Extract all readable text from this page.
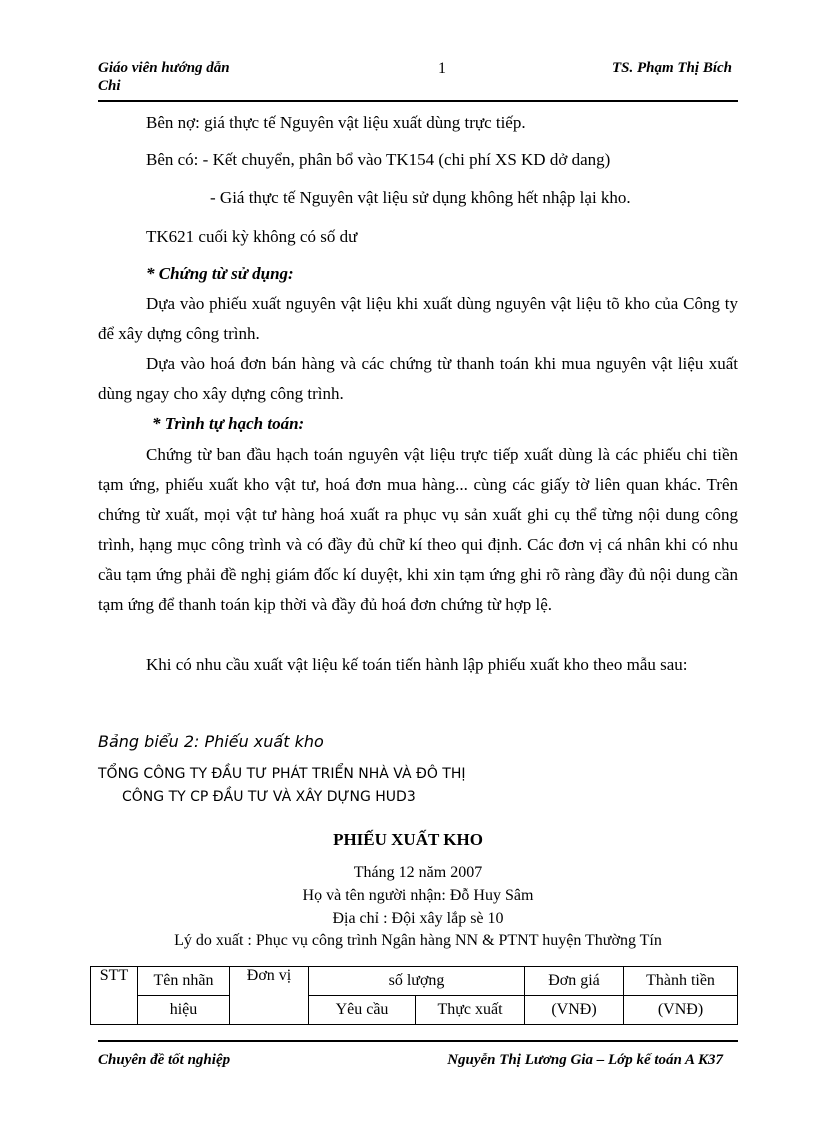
Giáo viên hướng dẫn
Chi
1	TS. Phạm Thị Bích
Bên nợ: giá thực tế Nguyên vật liệu xuất dùng trực tiếp.
Bên có: - Kết chuyển, phân bổ vào TK154 (chi phí XS KD dở dang)
- Giá thực tế Nguyên vật liệu sử dụng không hết nhập lại kho.
TK621 cuối kỳ không có số dư
* Chứng từ sử dụng:
Dựa vào phiếu xuất nguyên vật liệu khi xuất dùng nguyên vật liệu tõ kho của Công ty để xây dựng công trình.
Dựa vào hoá đơn bán hàng và các chứng từ thanh toán khi mua nguyên vật liệu xuất dùng ngay cho xây dựng công trình.
* Trình tự hạch toán:
Chứng từ ban đầu hạch toán nguyên vật liệu trực tiếp xuất dùng là các phiếu chi tiền tạm ứng, phiếu xuất kho vật tư, hoá đơn mua hàng... cùng các giấy tờ liên quan khác. Trên chứng từ xuất, mọi vật tư hàng hoá xuất ra phục vụ sản xuất ghi cụ thể từng nội dung công trình, hạng mục công trình và có đầy đủ chữ kí theo qui định. Các đơn vị cá nhân khi có nhu cầu tạm ứng phải đề nghị giám đốc kí duyệt, khi xin tạm ứng ghi rõ ràng đầy đủ nội dung cần tạm ứng để thanh toán kịp thời và đầy đủ hoá đơn chứng từ hợp lệ.
Khi có nhu cầu xuất vật liệu kế toán tiến hành lập phiếu xuất kho theo mẫu sau:
Bảng biểu 2: Phiếu xuất kho
TỔNG CÔNG TY ĐẦU TƯ PHÁT TRIỂN NHÀ VÀ ĐÔ THỊ
CÔNG TY CP ĐẦU TƯ VÀ XÂY DỰNG HUD3
PHIẾU XUẤT KHO
Tháng 12 năm 2007
Họ và tên người nhận: Đỗ Huy Sâm
Địa chỉ : Đội xây lắp sè 10
Lý do xuất : Phục vụ công trình Ngân hàng NN & PTNT huyện Thường Tín
STT	Tên nhãn	Đơn vị	số lượng		Đơn giá	Thành tiền
	hiệu		Yêu cầu	Thực xuất	(VNĐ)	(VNĐ)
Chuyên đề tốt nghiệp	Nguyễn Thị Lương Gia – Lớp kế toán A K37
